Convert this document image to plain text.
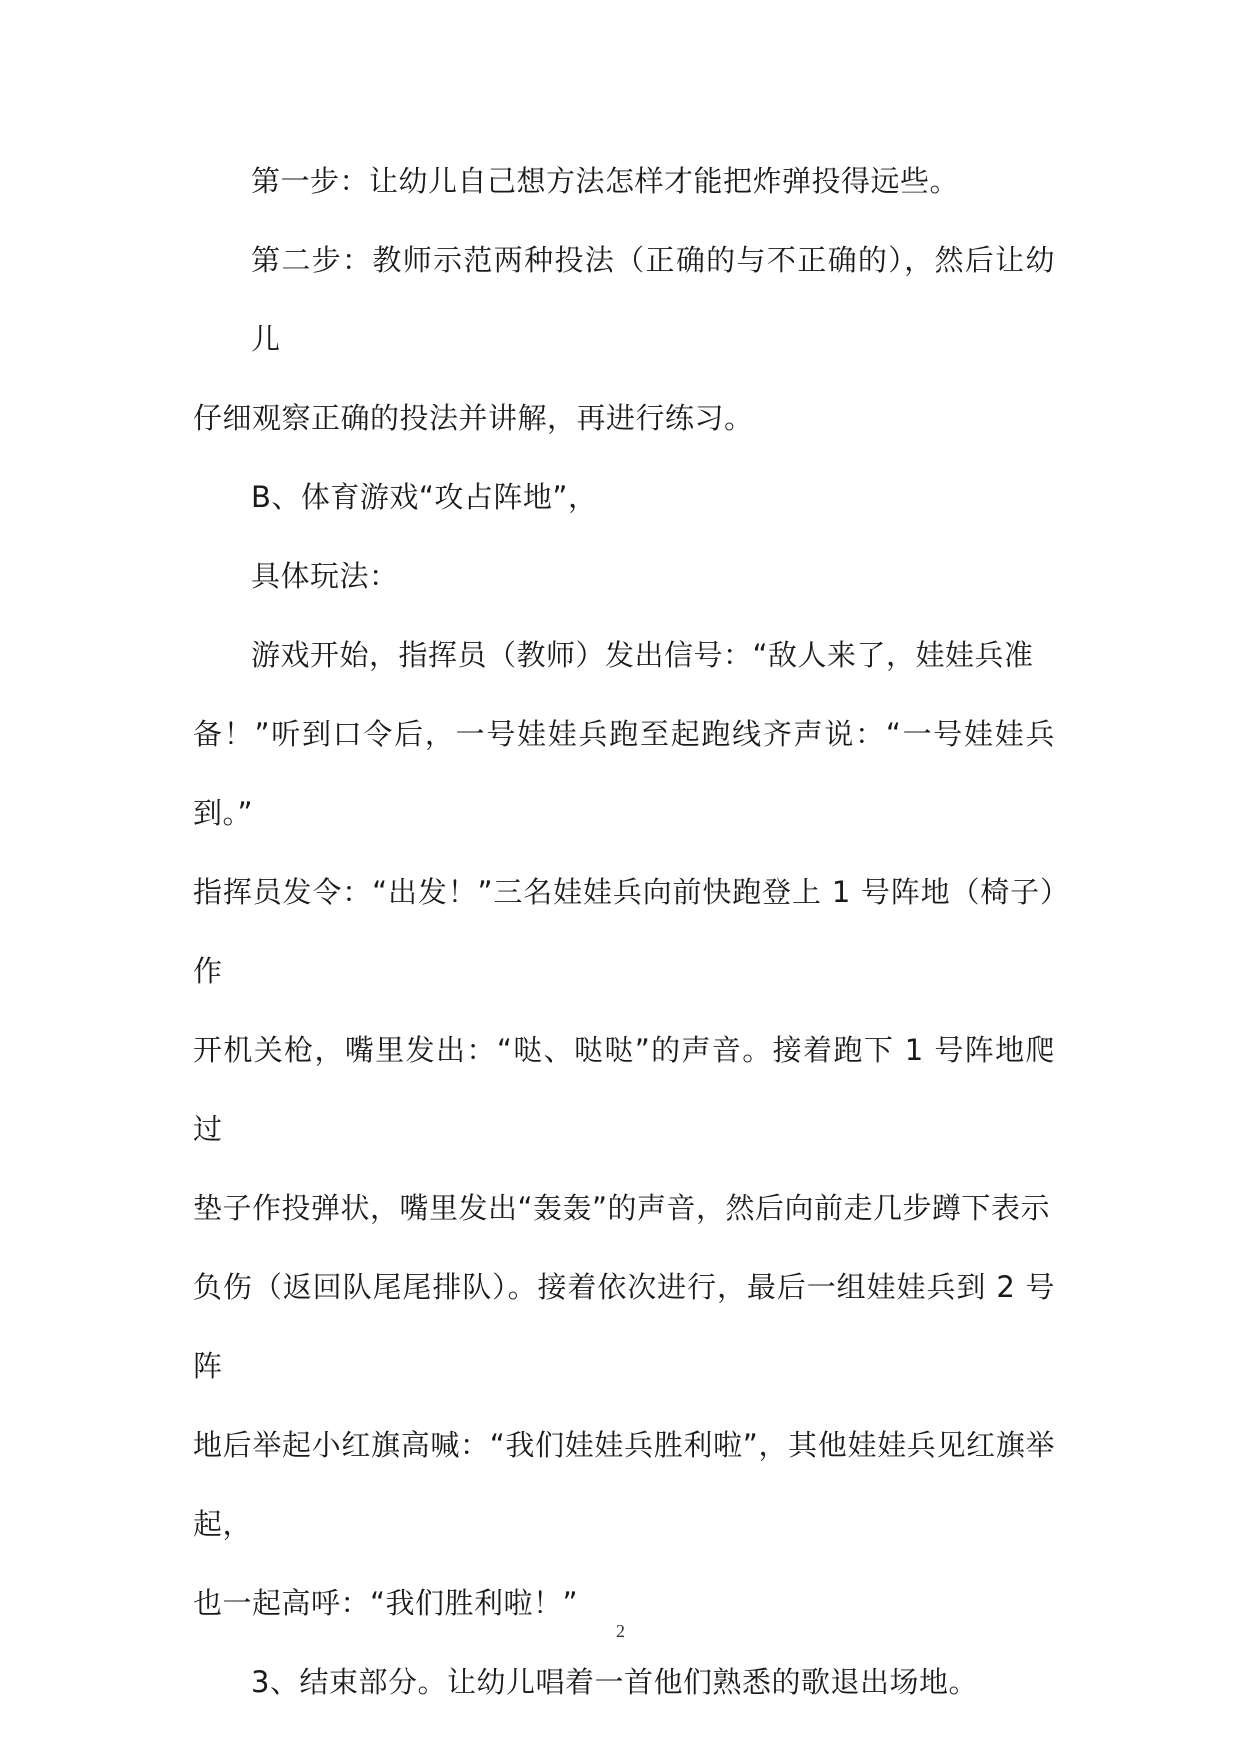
第一步：让幼儿自己想方法怎样才能把炸弹投得远些。

第二步：教师示范两种投法（正确的与不正确的），然后让幼儿
仔细观察正确的投法并讲解，再进行练习。

B、体育游戏“攻占阵地”，

具体玩法：

游戏开始，指挥员（教师）发出信号：“敌人来了，娃娃兵准
备！”听到口令后，一号娃娃兵跑至起跑线齐声说：“一号娃娃兵到。”
指挥员发令：“出发！”三名娃娃兵向前快跑登上 1 号阵地（椅子）作
开机关枪，嘴里发出：“哒、哒哒”的声音。接着跑下 1 号阵地爬过
垫子作投弹状，嘴里发出“轰轰”的声音，然后向前走几步蹲下表示
负伤（返回队尾尾排队）。接着依次进行，最后一组娃娃兵到 2 号阵
地后举起小红旗高喊：“我们娃娃兵胜利啦”，其他娃娃兵见红旗举起，
也一起高呼：“我们胜利啦！”

3、结束部分。让幼儿唱着一首他们熟悉的歌退出场地。

2
